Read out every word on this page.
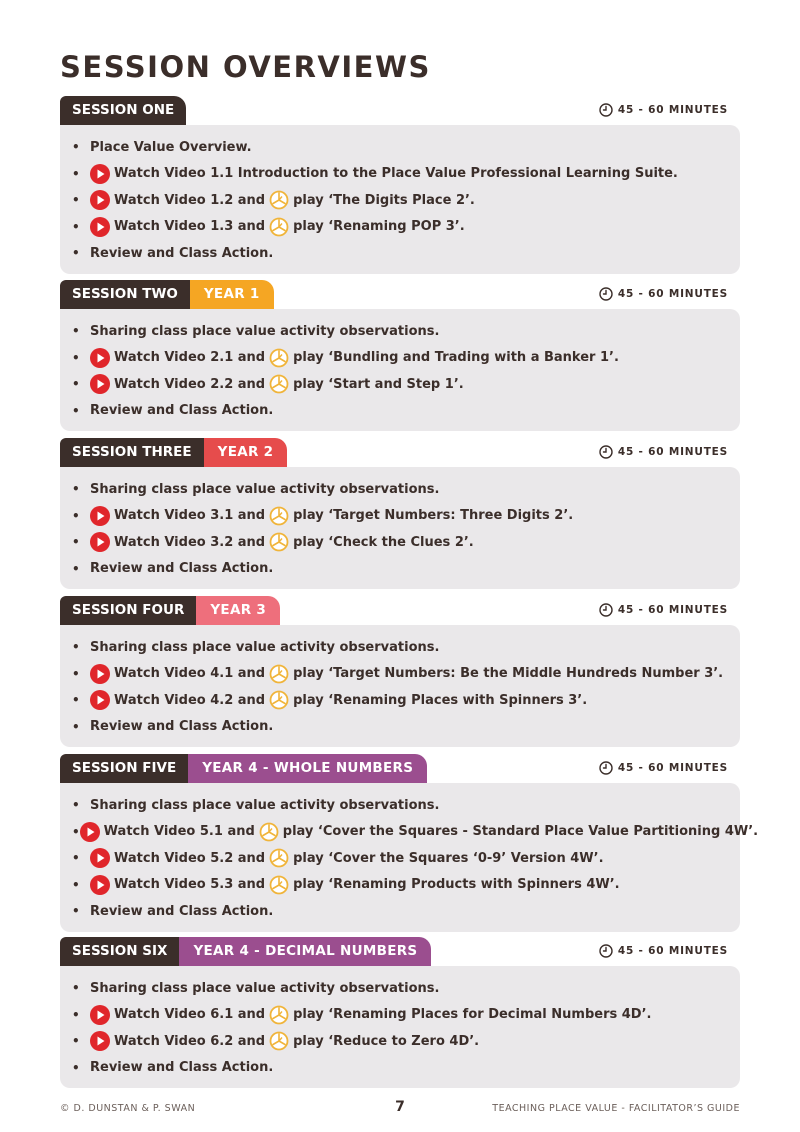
SESSION OVERVIEWS
SESSION ONE	45 - 60 MINUTES
• Place Value Overview.
•	Watch Video 1.1 Introduction to the Place Value Professional Learning Suite.
•	Watch Video 1.2 and play ‘The Digits Place 2’.
•	Watch Video 1.3 and play ‘Renaming POP 3’.
• Review and Class Action.
SESSION TWO	YEAR 1	45 - 60 MINUTES
• Sharing class place value activity observations.
•	Watch Video 2.1 and play ‘Bundling and Trading with a Banker 1’.
•	Watch Video 2.2 and play ‘Start and Step 1’.
• Review and Class Action.
SESSION THREE	YEAR 2	45 - 60 MINUTES
• Sharing class place value activity observations.
•	Watch Video 3.1 and play ‘Target Numbers: Three Digits 2’.
•	Watch Video 3.2 and play ‘Check the Clues 2’.
• Review and Class Action.
SESSION FOUR	YEAR 3	45 - 60 MINUTES
• Sharing class place value activity observations.
•	Watch Video 4.1 and play ‘Target Numbers: Be the Middle Hundreds Number 3’.
•	Watch Video 4.2 and play ‘Renaming Places with Spinners 3’.
• Review and Class Action.
SESSION FIVE	YEAR 4 - WHOLE NUMBERS	45 - 60 MINUTES
• Sharing class place value activity observations.
• Watch Video 5.1 and play ‘Cover the Squares - Standard Place Value Partitioning 4W’.
•	Watch Video 5.2 and play ‘Cover the Squares ‘0-9’ Version 4W’.
•	Watch Video 5.3 and play ‘Renaming Products with Spinners 4W’.
• Review and Class Action.
SESSION SIX	YEAR 4 - DECIMAL NUMBERS	45 - 60 MINUTES
• Sharing class place value activity observations.
•	Watch Video 6.1 and play ‘Renaming Places for Decimal Numbers 4D’.
•	Watch Video 6.2 and play ‘Reduce to Zero 4D’.
• Review and Class Action.
© D. DUNSTAN & P. SWAN	7	TEACHING PLACE VALUE - FACILITATOR’S GUIDE
